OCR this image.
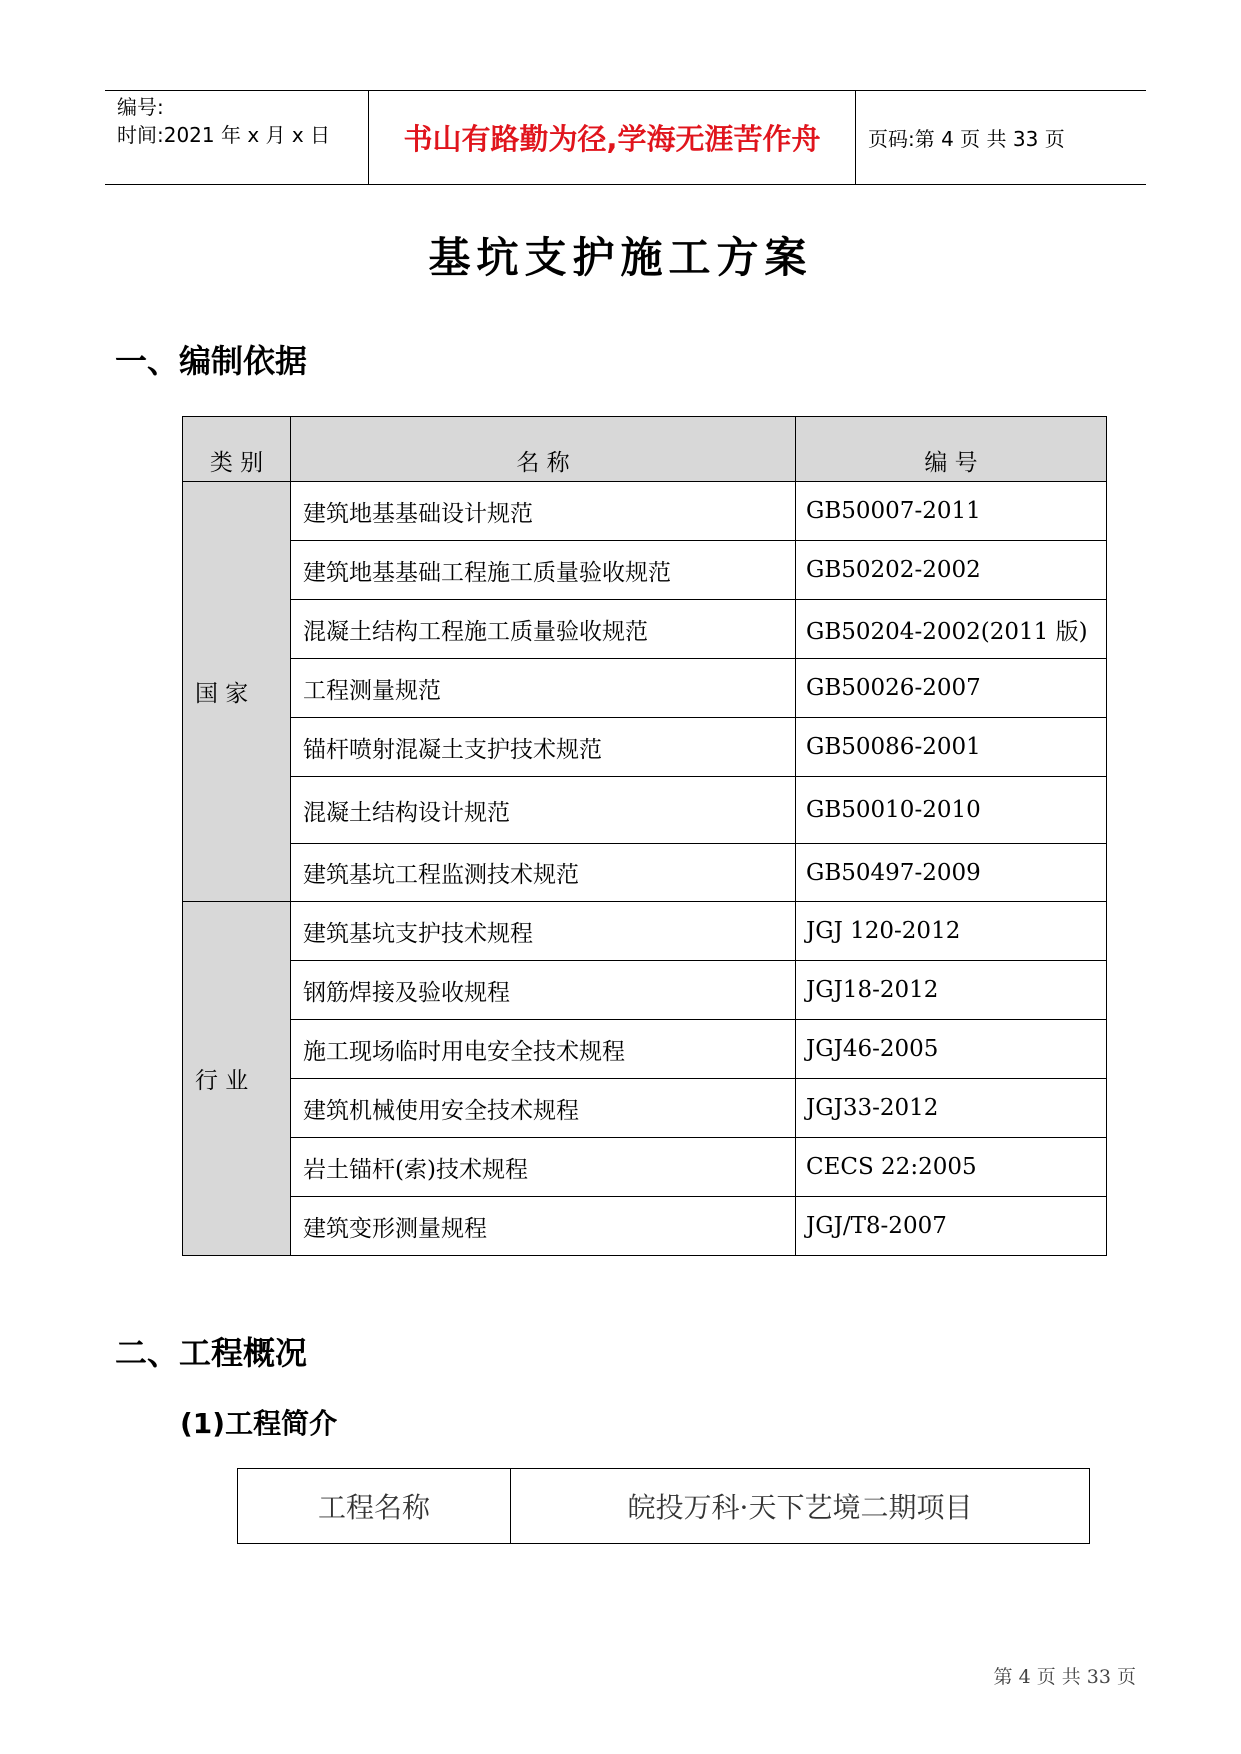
编号:
时间:2021 年 x 月 x 日	书山有路勤为径,学海无涯苦作舟	页码:第 4 页 共 33 页
基坑支护施工方案
一、编制依据
类 别	名 称	编 号
国 家	建筑地基基础设计规范	GB50007-2011
	建筑地基基础工程施工质量验收规范	GB50202-2002
	混凝土结构工程施工质量验收规范	GB50204-2002(2011 版)
	工程测量规范	GB50026-2007
	锚杆喷射混凝土支护技术规范	GB50086-2001
	混凝土结构设计规范	GB50010-2010
	建筑基坑工程监测技术规范	GB50497-2009
行 业	建筑基坑支护技术规程	JGJ 120-2012
	钢筋焊接及验收规程	JGJ18-2012
	施工现场临时用电安全技术规程	JGJ46-2005
	建筑机械使用安全技术规程	JGJ33-2012
	岩土锚杆(索)技术规程	CECS 22:2005
	建筑变形测量规程	JGJ/T8-2007
二、工程概况
(1)工程简介
工程名称	皖投万科·天下艺境二期项目
第 4 页 共 33 页
